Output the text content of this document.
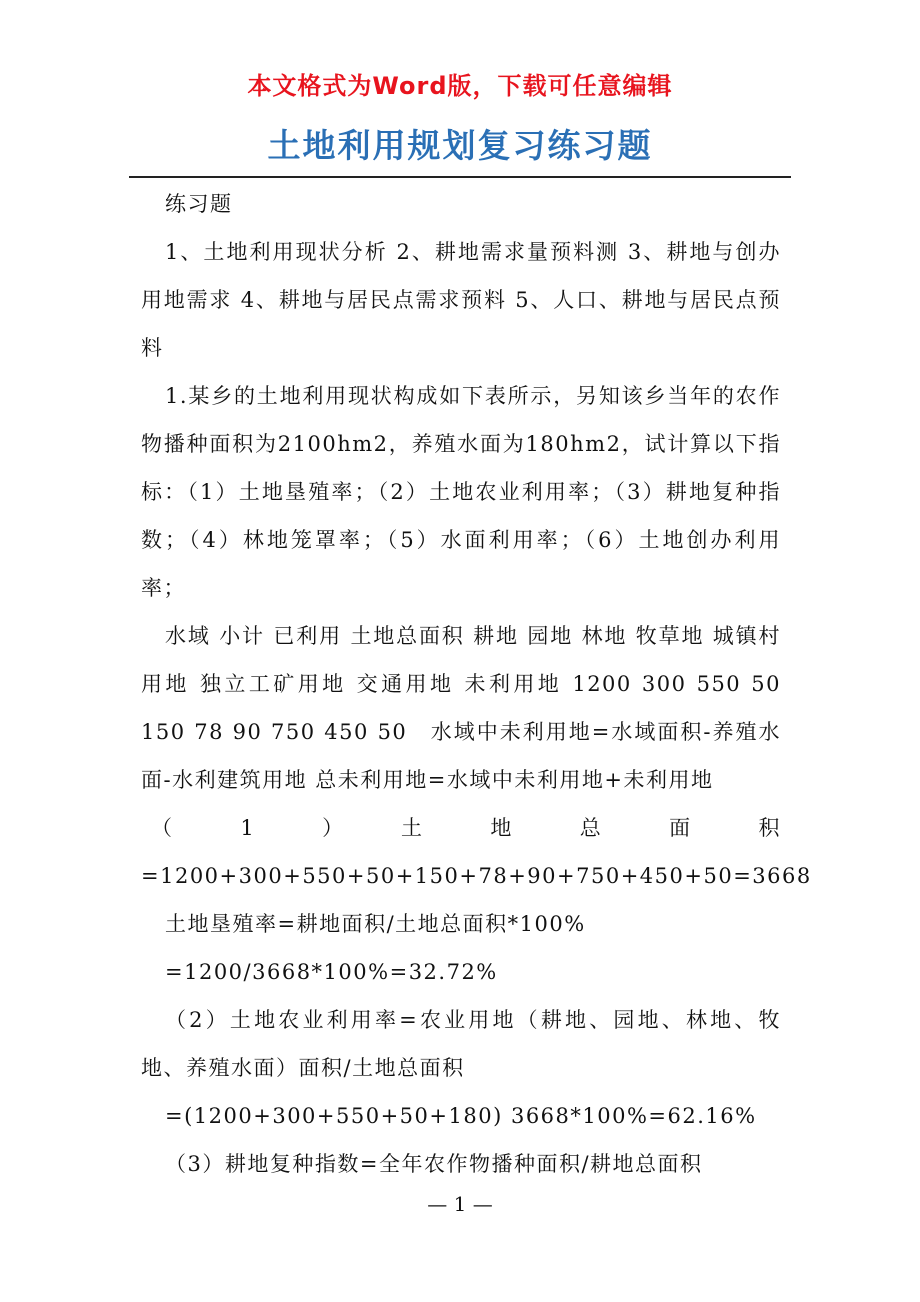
本文格式为Word版，下载可任意编辑
土地利用规划复习练习题

练习题

1、土地利用现状分析 2、耕地需求量预料测 3、耕地与创办用地需求 4、耕地与居民点需求预料 5、人口、耕地与居民点预料

1.某乡的土地利用现状构成如下表所示，另知该乡当年的农作物播种面积为2100hm2，养殖水面为180hm2，试计算以下指标：（1）土地垦殖率；（2）土地农业利用率；（3）耕地复种指数；（4）林地笼罩率；（5）水面利用率；（6）土地创办利用率；

水域 小计 已利用 土地总面积 耕地 园地 林地 牧草地 城镇村用地 独立工矿用地 交通用地 未利用地 1200 300 550 50 150 78 90 750 450 50　水域中未利用地=水域面积-养殖水面-水利建筑用地 总未利用地=水域中未利用地+未利用地

（　1　）　土　地　总　面　积

=1200+300+550+50+150+78+90+750+450+50=3668

土地垦殖率=耕地面积/土地总面积*100%

=1200/3668*100%=32.72%

（2）土地农业利用率=农业用地（耕地、园地、林地、牧地、养殖水面）面积/土地总面积

=(1200+300+550+50+180) 3668*100%=62.16%

（3）耕地复种指数=全年农作物播种面积/耕地总面积

— 1 —
